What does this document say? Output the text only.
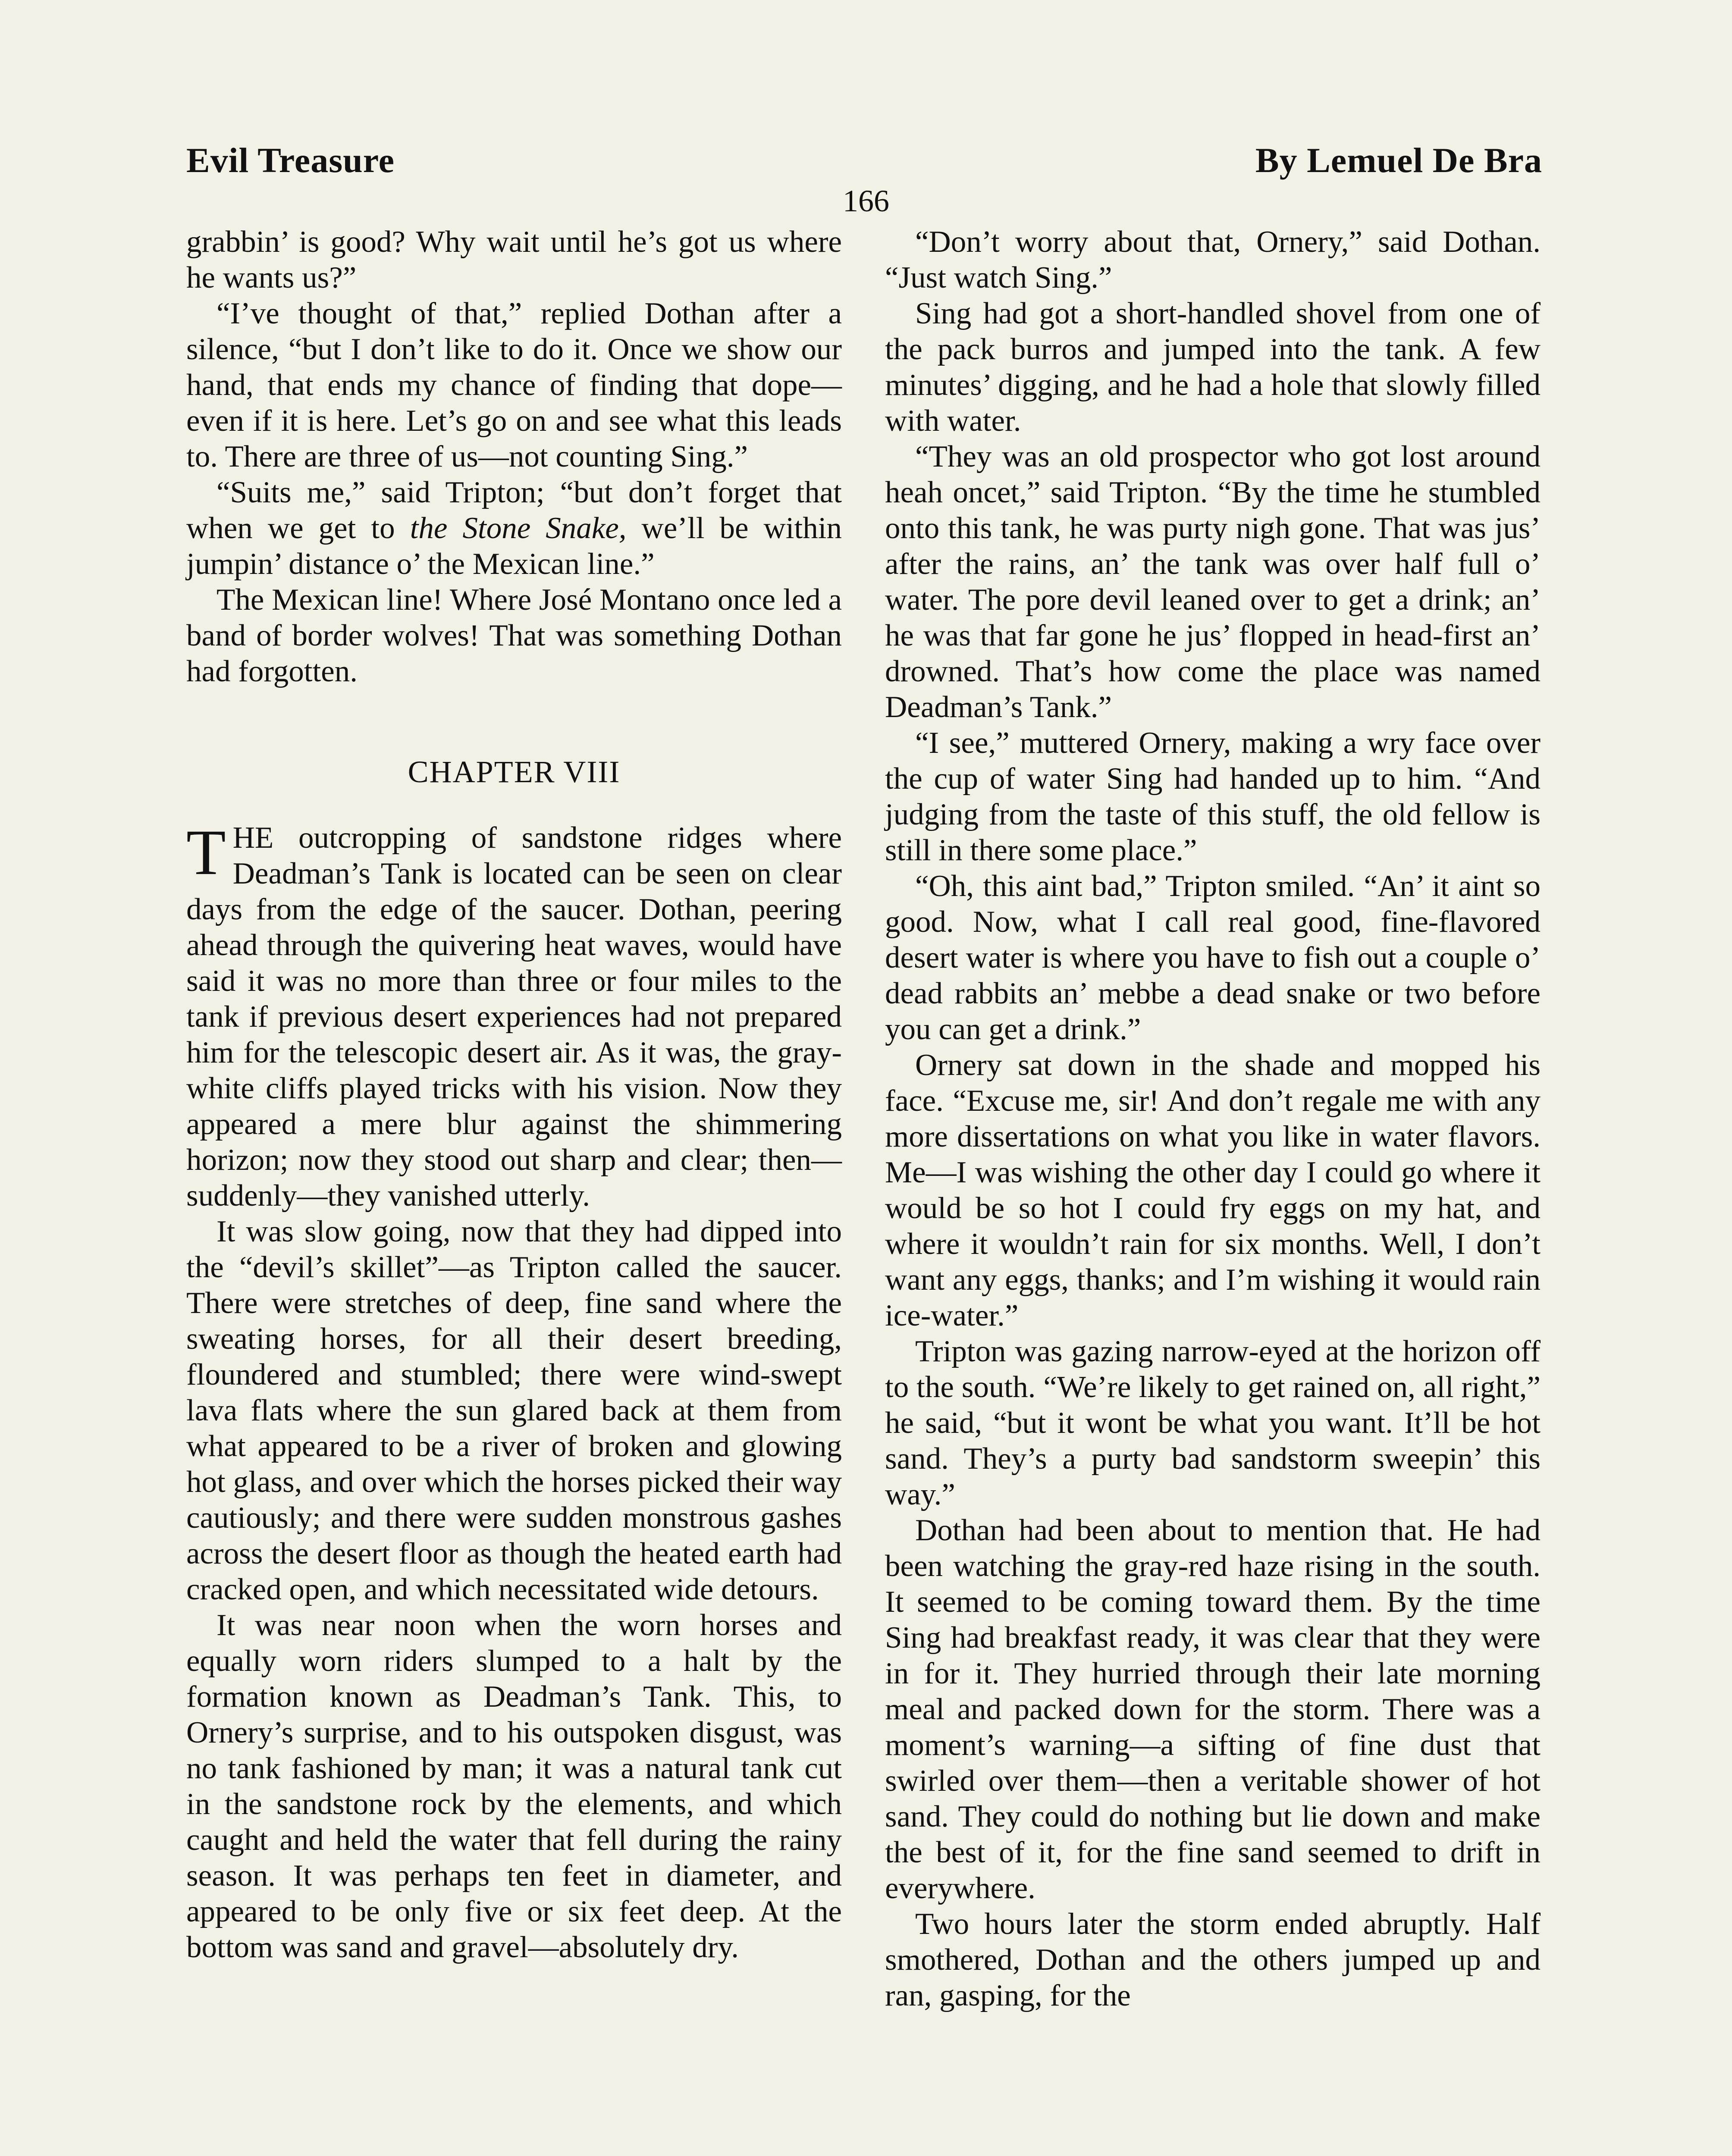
Evil Treasure	By Lemuel De Bra
166

grabbin’ is good? Why wait until he’s got us where he wants us?”

“I’ve thought of that,” replied Dothan after a silence, “but I don’t like to do it. Once we show our hand, that ends my chance of finding that dope—even if it is here. Let’s go on and see what this leads to. There are three of us—not counting Sing.”

“Suits me,” said Tripton; “but don’t forget that when we get to the Stone Snake, we’ll be within jumpin’ distance o’ the Mexican line.”

The Mexican line! Where José Montano once led a band of border wolves! That was something Dothan had forgotten.

CHAPTER VIII

THE outcropping of sandstone ridges where Deadman’s Tank is located can be seen on clear days from the edge of the saucer. Dothan, peering ahead through the quivering heat waves, would have said it was no more than three or four miles to the tank if previous desert experiences had not prepared him for the telescopic desert air. As it was, the gray-white cliffs played tricks with his vision. Now they appeared a mere blur against the shimmering horizon; now they stood out sharp and clear; then—suddenly—they vanished utterly.

It was slow going, now that they had dipped into the “devil’s skillet”—as Tripton called the saucer. There were stretches of deep, fine sand where the sweating horses, for all their desert breeding, floundered and stumbled; there were wind-swept lava flats where the sun glared back at them from what appeared to be a river of broken and glowing hot glass, and over which the horses picked their way cautiously; and there were sudden monstrous gashes across the desert floor as though the heated earth had cracked open, and which necessitated wide detours.

It was near noon when the worn horses and equally worn riders slumped to a halt by the formation known as Deadman’s Tank. This, to Ornery’s surprise, and to his outspoken disgust, was no tank fashioned by man; it was a natural tank cut in the sandstone rock by the elements, and which caught and held the water that fell during the rainy season. It was perhaps ten feet in diameter, and appeared to be only five or six feet deep. At the bottom was sand and gravel—absolutely dry.

“Don’t worry about that, Ornery,” said Dothan. “Just watch Sing.”

Sing had got a short-handled shovel from one of the pack burros and jumped into the tank. A few minutes’ digging, and he had a hole that slowly filled with water.

“They was an old prospector who got lost around heah oncet,” said Tripton. “By the time he stumbled onto this tank, he was purty nigh gone. That was jus’ after the rains, an’ the tank was over half full o’ water. The pore devil leaned over to get a drink; an’ he was that far gone he jus’ flopped in head-first an’ drowned. That’s how come the place was named Deadman’s Tank.”

“I see,” muttered Ornery, making a wry face over the cup of water Sing had handed up to him. “And judging from the taste of this stuff, the old fellow is still in there some place.”

“Oh, this aint bad,” Tripton smiled. “An’ it aint so good. Now, what I call real good, fine-flavored desert water is where you have to fish out a couple o’ dead rabbits an’ mebbe a dead snake or two before you can get a drink.”

Ornery sat down in the shade and mopped his face. “Excuse me, sir! And don’t regale me with any more dissertations on what you like in water flavors. Me—I was wishing the other day I could go where it would be so hot I could fry eggs on my hat, and where it wouldn’t rain for six months. Well, I don’t want any eggs, thanks; and I’m wishing it would rain ice-water.”

Tripton was gazing narrow-eyed at the horizon off to the south. “We’re likely to get rained on, all right,” he said, “but it wont be what you want. It’ll be hot sand. They’s a purty bad sandstorm sweepin’ this way.”

Dothan had been about to mention that. He had been watching the gray-red haze rising in the south. It seemed to be coming toward them. By the time Sing had breakfast ready, it was clear that they were in for it. They hurried through their late morning meal and packed down for the storm. There was a moment’s warning—a sifting of fine dust that swirled over them—then a veritable shower of hot sand. They could do nothing but lie down and make the best of it, for the fine sand seemed to drift in everywhere.

Two hours later the storm ended abruptly. Half smothered, Dothan and the others jumped up and ran, gasping, for the
